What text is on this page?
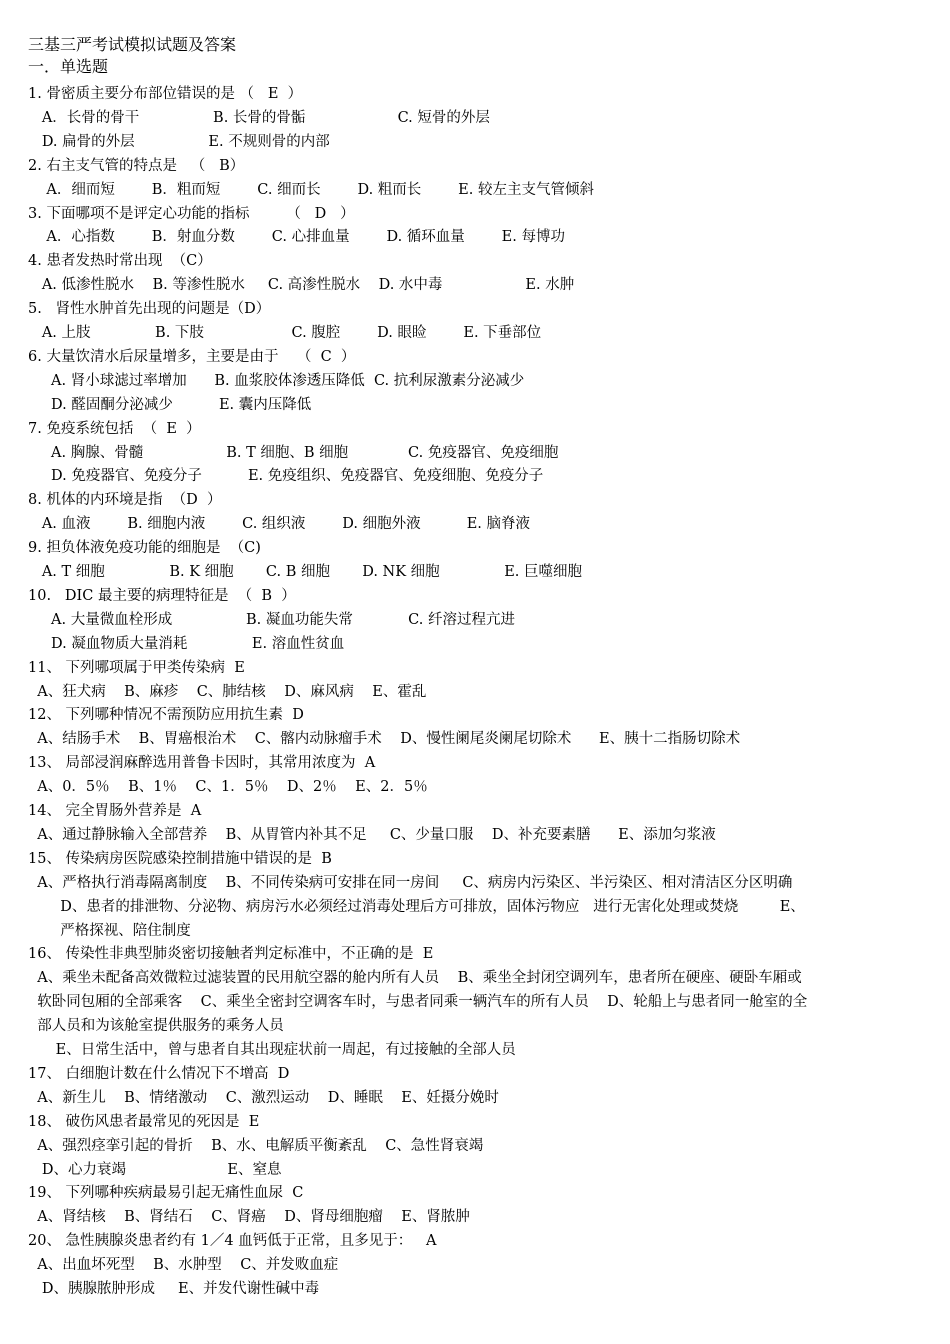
三基三严考试模拟试题及答案
一．单选题
1. 骨密质主要分布部位错误的是 （   E  ）
A．长骨的骨干                B. 长骨的骨骺                    C. 短骨的外层
D. 扁骨的外层                E. 不规则骨的内部
2. 右主支气管的特点是   （   B）
A．细而短        B．粗而短        C. 细而长        D. 粗而长        E. 较左主支气管倾斜
3. 下面哪项不是评定心功能的指标        （   D   ）
A．心指数        B．射血分数        C. 心排血量        D. 循环血量        E. 每博功
4. 患者发热时常出现  （C）
A. 低渗性脱水    B. 等渗性脱水     C. 高渗性脱水    D. 水中毒                  E. 水肿
5.   肾性水肿首先出现的问题是（D）
A. 上肢              B. 下肢                   C. 腹腔        D. 眼睑        E. 下垂部位
6. 大量饮清水后尿量增多，主要是由于    （  C  ）
A. 肾小球滤过率增加      B. 血浆胶体渗透压降低  C. 抗利尿激素分泌减少
D. 醛固酮分泌减少          E. 囊内压降低
7. 免疫系统包括  （  E  ）
A. 胸腺、骨髓                  B. T 细胞、B 细胞             C. 免疫器官、免疫细胞
D. 免疫器官、免疫分子          E. 免疫组织、免疫器官、免疫细胞、免疫分子
8. 机体的内环境是指  （D  ）
A. 血液        B. 细胞内液        C. 组织液        D. 细胞外液          E. 脑脊液
9. 担负体液免疫功能的细胞是  （C)
A. T 细胞              B. K 细胞       C. B 细胞       D. NK 细胞              E. 巨噬细胞
10.   DIC 最主要的病理特征是  （  B  ）
A. 大量微血栓形成                B. 凝血功能失常            C. 纤溶过程亢进
D. 凝血物质大量消耗              E. 溶血性贫血
11、 下列哪项属于甲类传染病  E
A、狂犬病    B、麻疹    C、肺结核    D、麻风病    E、霍乱
12、 下列哪种情况不需预防应用抗生素  D
A、结肠手术    B、胃癌根治术    C、髂内动脉瘤手术    D、慢性阑尾炎阑尾切除术      E、胰十二指肠切除术
13、 局部浸润麻醉选用普鲁卡因时，其常用浓度为  A
A、0．5％    B、1％    C、1．5％    D、2％    E、2．5％
14、 完全胃肠外营养是  A
A、通过静脉输入全部营养    B、从胃管内补其不足     C、少量口服    D、补充要素膳      E、添加匀浆液
15、 传染病房医院感染控制措施中错误的是  B
A、严格执行消毒隔离制度    B、不同传染病可安排在同一房间     C、病房内污染区、半污染区、相对清洁区分区明确
D、患者的排泄物、分泌物、病房污水必须经过消毒处理后方可排放，固体污物应   进行无害化处理或焚烧         E、
严格探视、陪住制度
16、 传染性非典型肺炎密切接触者判定标准中，不正确的是  E
A、乘坐未配备高效微粒过滤装置的民用航空器的舱内所有人员    B、乘坐全封闭空调列车，患者所在硬座、硬卧车厢或
软卧同包厢的全部乘客    C、乘坐全密封空调客车时，与患者同乘一辆汽车的所有人员    D、轮船上与患者同一舱室的全
部人员和为该舱室提供服务的乘务人员
E、日常生活中，曾与患者自其出现症状前一周起，有过接触的全部人员
17、 白细胞计数在什么情况下不增高  D
A、新生儿    B、情绪激动    C、激烈运动    D、睡眠    E、妊摄分娩时
18、 破伤风患者最常见的死因是  E
A、强烈痉挛引起的骨折    B、水、电解质平衡紊乱    C、急性肾衰竭
D、心力衰竭                      E、窒息
19、 下列哪种疾病最易引起无痛性血尿  C
A、肾结核    B、肾结石    C、肾癌    D、肾母细胞瘤    E、肾脓肿
20、 急性胰腺炎患者约有 1／4 血钙低于正常，且多见于：   A
A、出血坏死型    B、水肿型    C、并发败血症
D、胰腺脓肿形成     E、并发代谢性碱中毒
